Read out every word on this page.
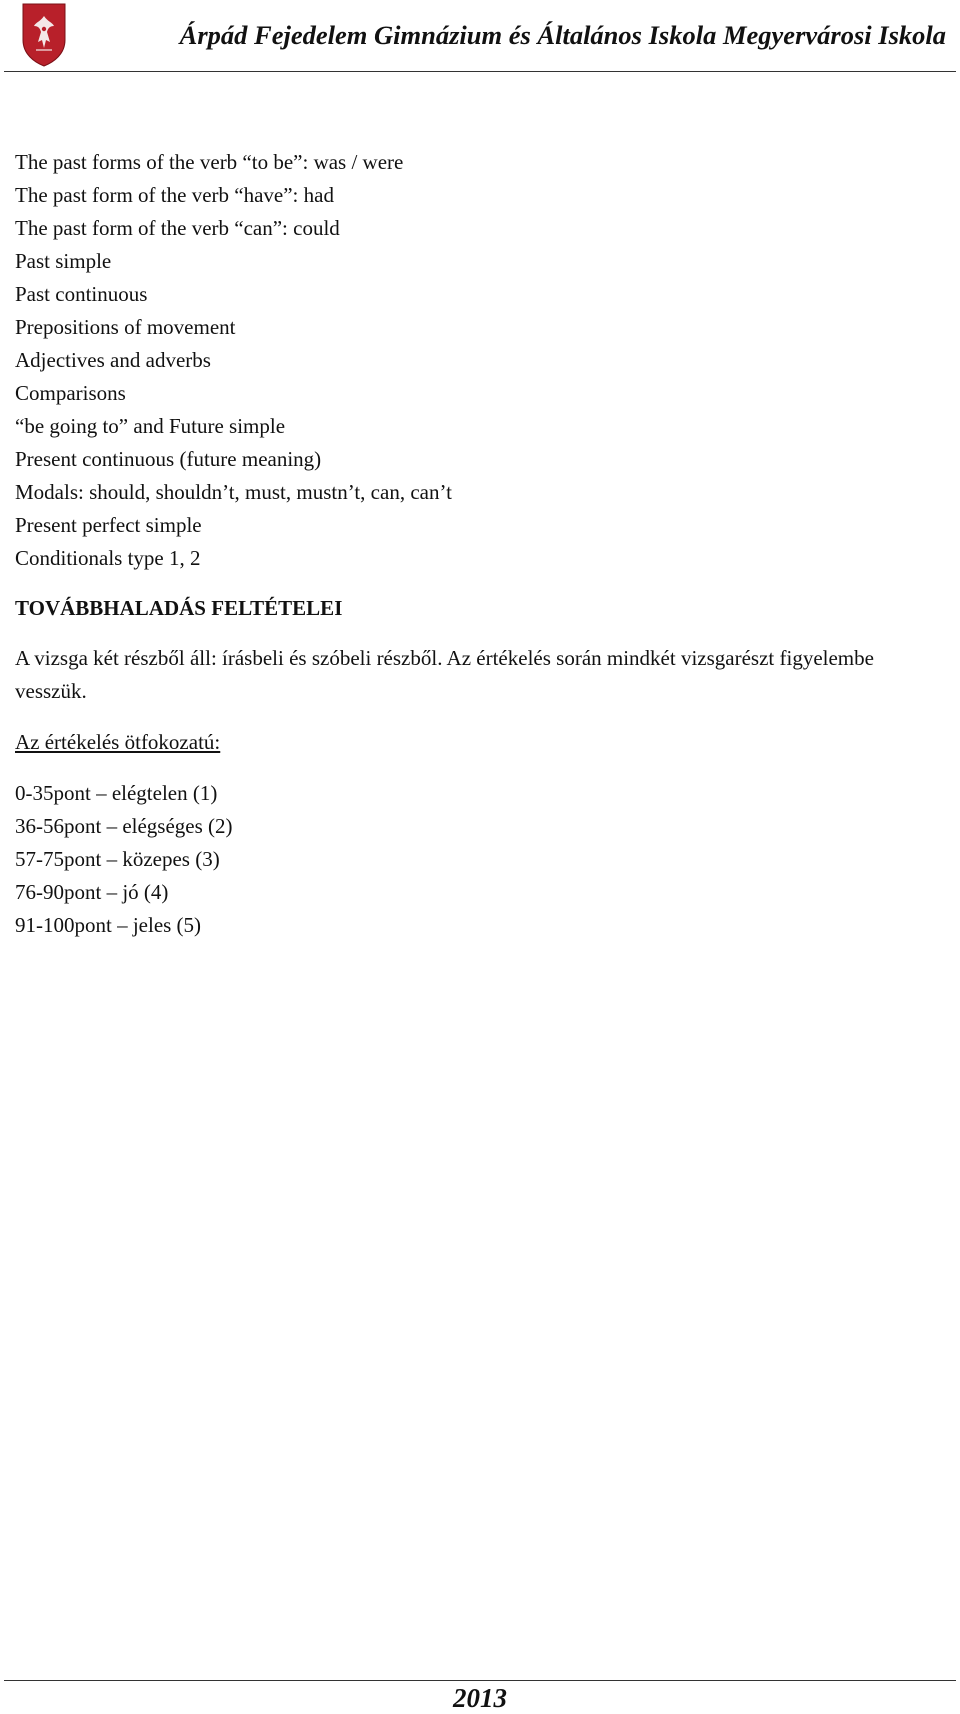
Árpád Fejedelem Gimnázium és Általános Iskola Megyervárosi Iskola
The past forms of the verb “to be”: was / were
The past form of the verb “have”: had
The past form of the verb “can”: could
Past simple
Past continuous
Prepositions of movement
Adjectives and adverbs
Comparisons
“be going to” and Future simple
Present continuous (future meaning)
Modals: should, shouldn’t, must, mustn’t, can, can’t
Present perfect simple
Conditionals type 1, 2
TOVÁBBHALADÁS FELTÉTELEI

A vizsga két részből áll: írásbeli és szóbeli részből. Az értékelés során mindkét vizsgarészt figyelembe vesszük.

Az értékelés ötfokozatú:

0-35pont – elégtelen (1)
36-56pont – elégséges (2)
57-75pont – közepes (3)
76-90pont – jó (4)
91-100pont – jeles (5)
2013
